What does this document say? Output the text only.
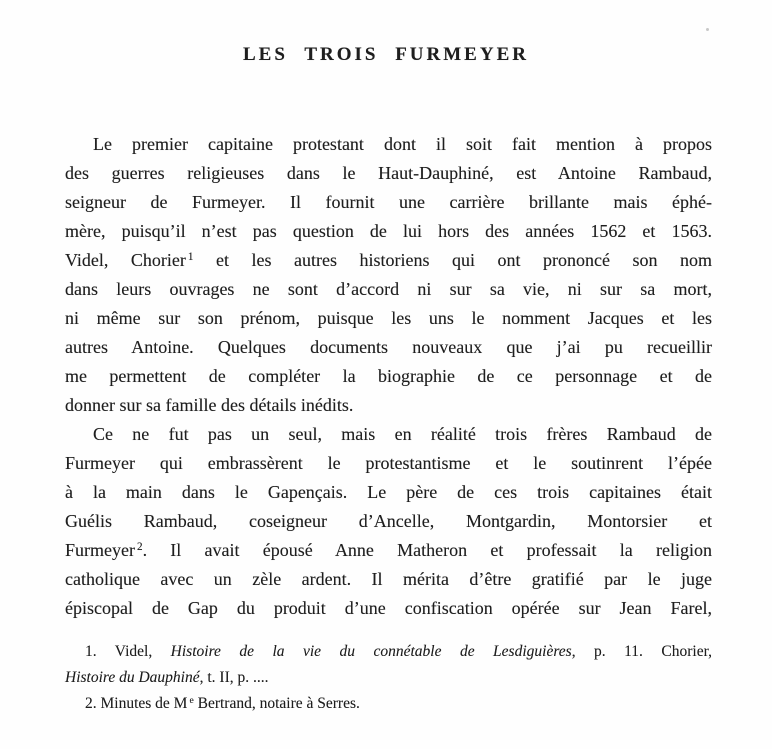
LES TROIS FURMEYER
Le premier capitaine protestant dont il soit fait mention à propos
des guerres religieuses dans le Haut-Dauphiné, est Antoine Rambaud,
seigneur de Furmeyer. Il fournit une carrière brillante mais éphé-
mère, puisqu’il n’est pas question de lui hors des années 1562 et 1563.
Videl, Chorier $^1$ et les autres historiens qui ont prononcé son nom
dans leurs ouvrages ne sont d’accord ni sur sa vie, ni sur sa mort,
ni même sur son prénom, puisque les uns le nomment Jacques et les
autres Antoine. Quelques documents nouveaux que j’ai pu recueillir
me permettent de compléter la biographie de ce personnage et de
donner sur sa famille des détails inédits.
Ce ne fut pas un seul, mais en réalité trois frères Rambaud de
Furmeyer qui embrassèrent le protestantisme et le soutinrent l’épée
à la main dans le Gapençais. Le père de ces trois capitaines était
Guélis Rambaud, coseigneur d’Ancelle, Montgardin, Montorsier et
Furmeyer $^2$. Il avait épousé Anne Matheron et professait la religion
catholique avec un zèle ardent. Il mérita d’être gratifié par le juge
épiscopal de Gap du produit d’une confiscation opérée sur Jean Farel,
1. Videl, Histoire de la vie du connétable de Lesdiguières, p. 11. Chorier,
Histoire du Dauphiné, t. II, p. ....
2. Minutes de M $^e$ Bertrand, notaire à Serres.
